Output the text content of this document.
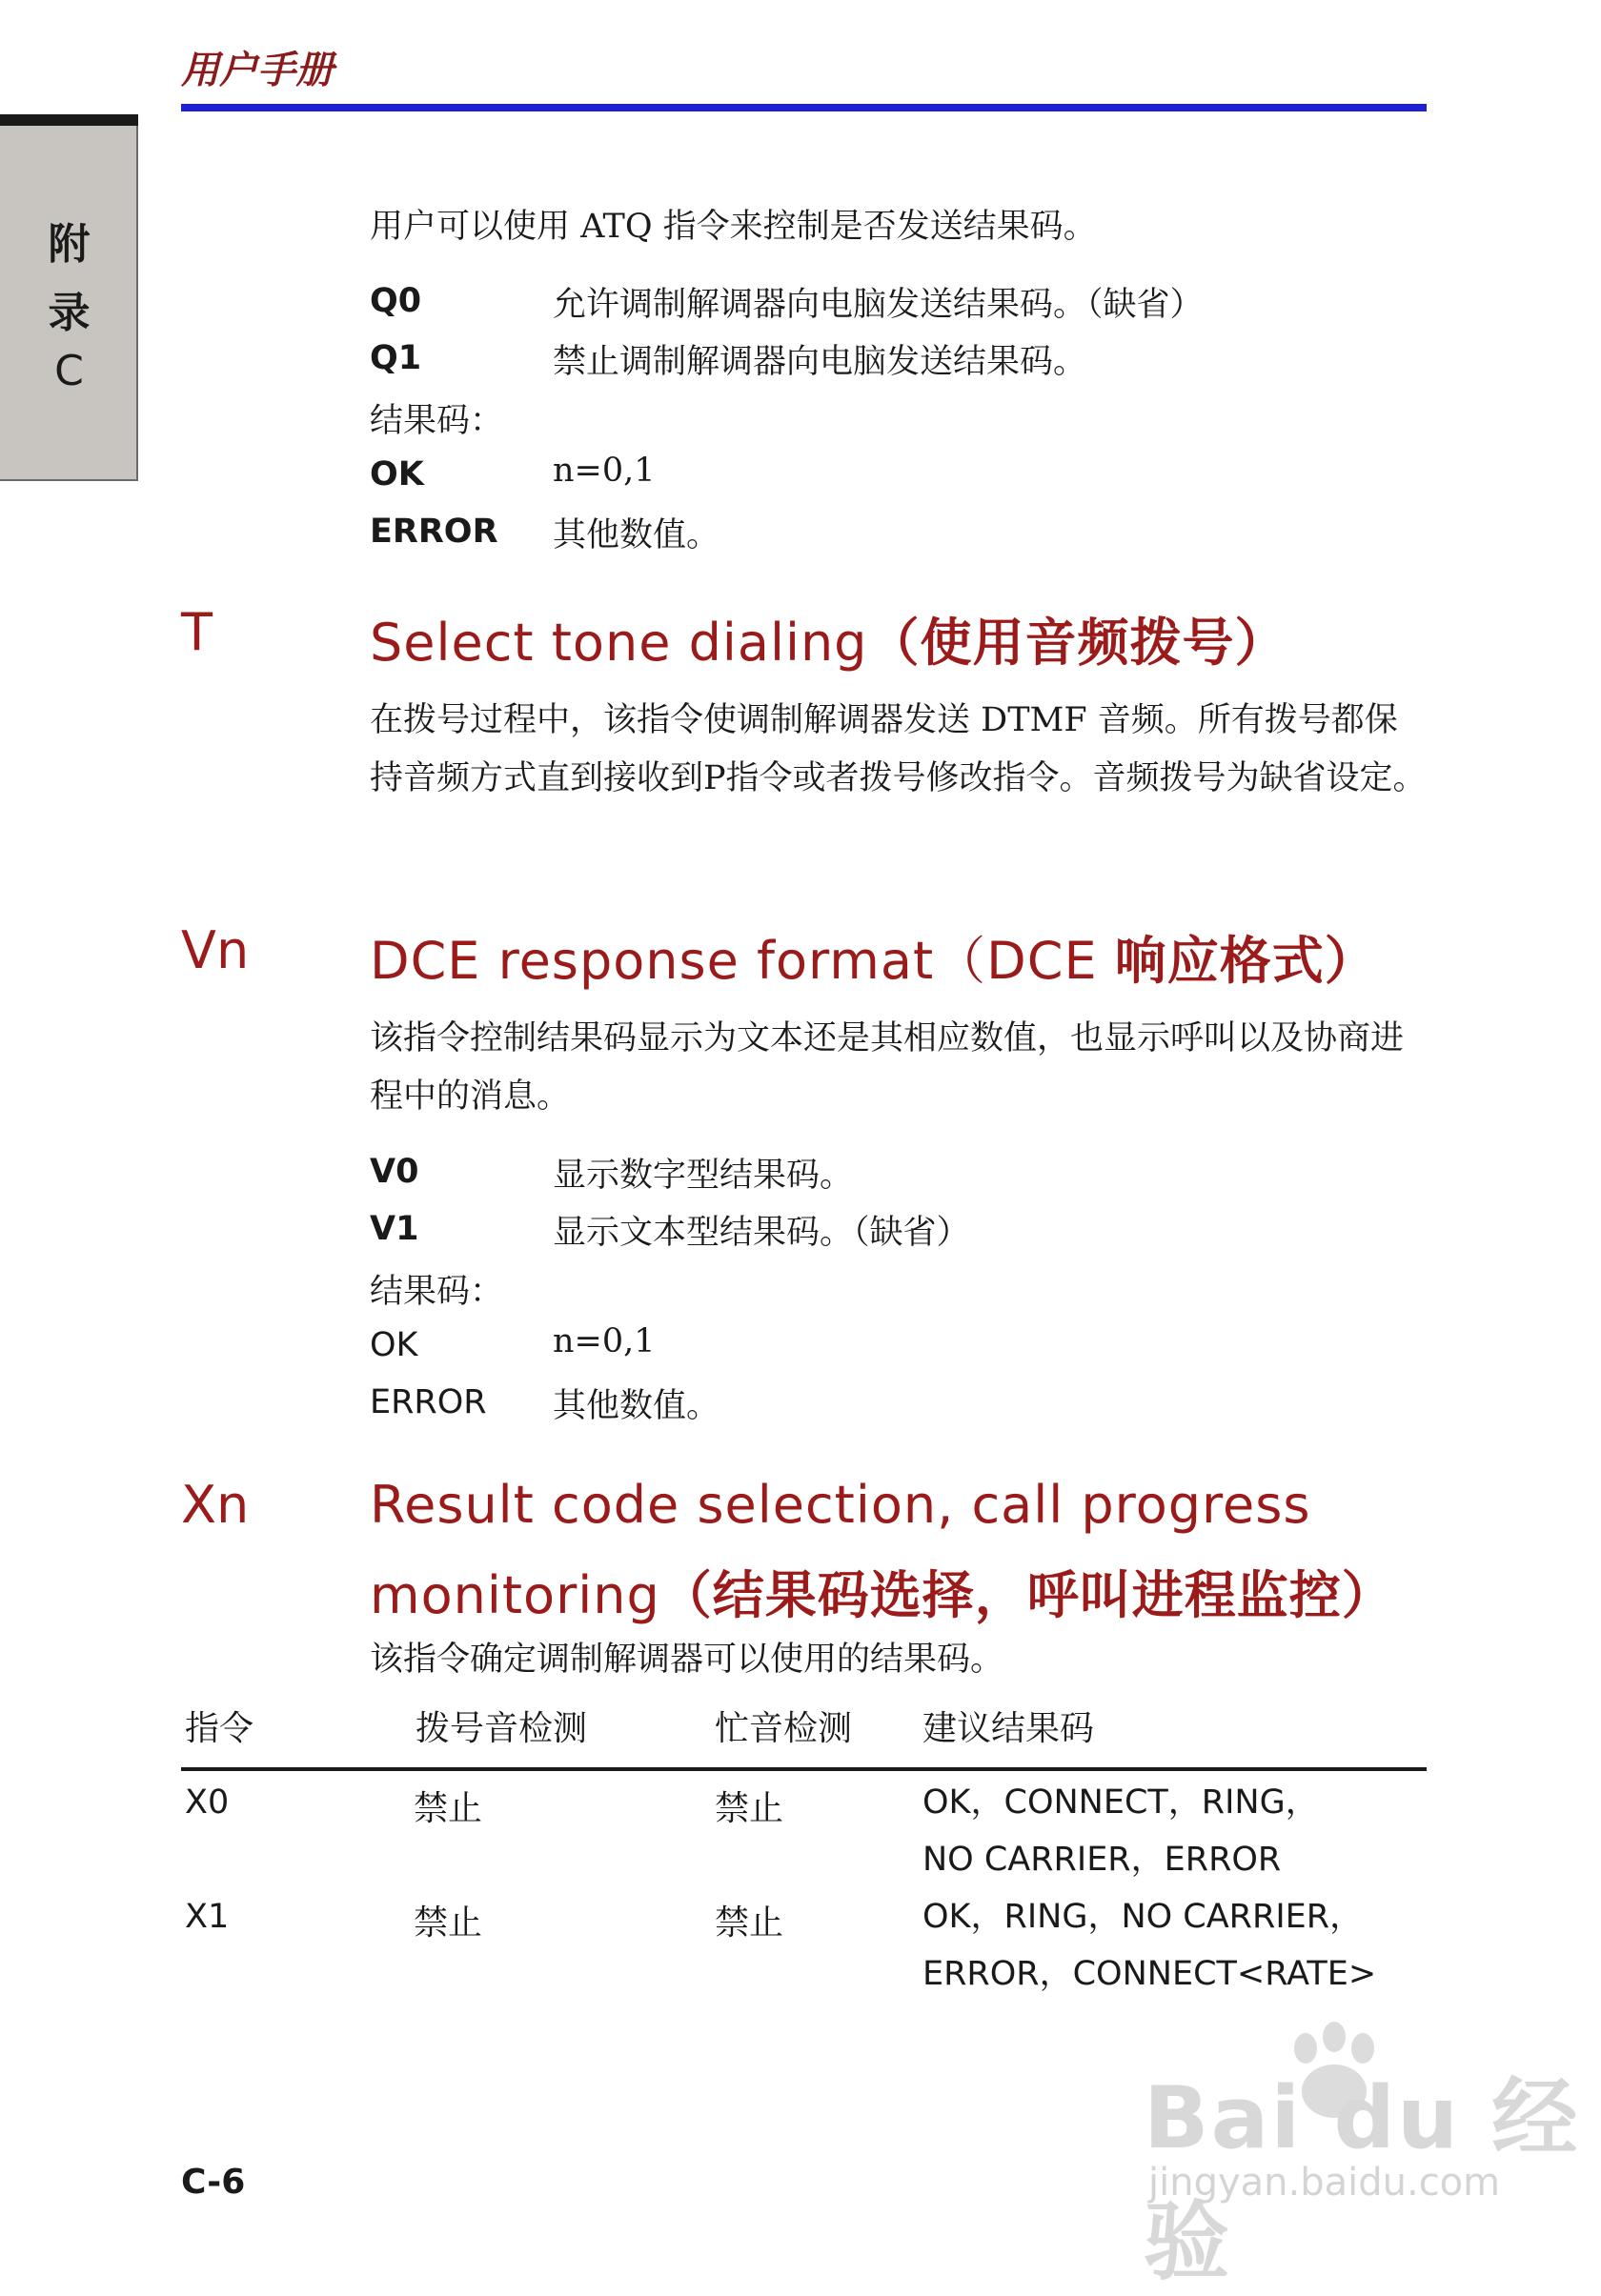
用户手册
附
录
C
用户可以使用 ATQ 指令来控制是否发送结果码。
Q0	允许调制解调器向电脑发送结果码。（缺省）
Q1	禁止调制解调器向电脑发送结果码。
结果码：
OK	n=0,1
ERROR 其他数值。
T	Select tone dialing（使用音频拨号）
在拨号过程中，该指令使调制解调器发送 DTMF 音频。所有拨号都保持音频方式直到接收到P指令或者拨号修改指令。音频拨号为缺省设定。
Vn DCE response format（DCE 响应格式）
该指令控制结果码显示为文本还是其相应数值，也显示呼叫以及协商进程中的消息。
V0	显示数字型结果码。
V1	显示文本型结果码。（缺省）
结果码：
OK	n=0,1
ERROR 其他数值。
Xn Result code selection, call progress
monitoring（结果码选择，呼叫进程监控）
该指令确定调制解调器可以使用的结果码。
指令	拨号音检测	忙音检测 建议结果码
X0	禁止	禁止	OK，CONNECT，RING，
NO CARRIER，ERROR
X1	禁止	禁止	OK，RING，NO CARRIER，
ERROR，CONNECT<RATE>
C-6
Bai du 经验
jingyan.baidu.com
